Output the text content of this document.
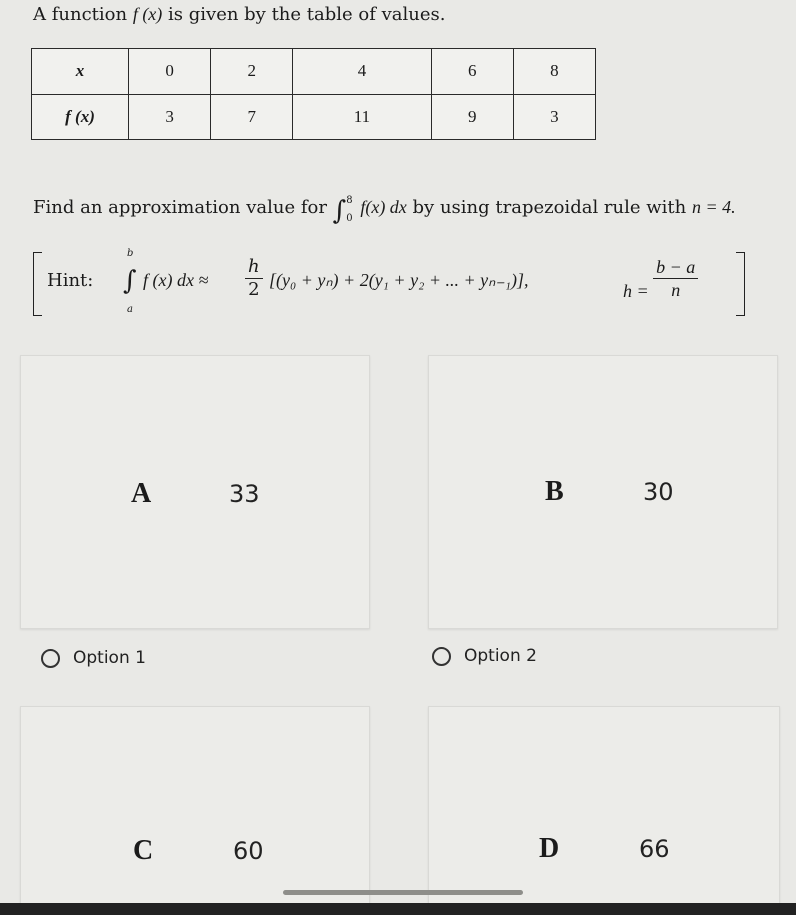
A function f (x) is given by the table of values.
x	0	2	4	6	8
f (x)	3	7	11	9	3
Find an approximation value for ∫ 8
0
f(x) dx by using trapezoidal rule with n = 4.
Hint: ∫
b
a
f (x) dx ≈ $\frac{h}{2} [(y_0 + y_n) + 2(y_1 + y_2$ + ... + yₙ₋₁)],
$h = \frac{b - a}{n}$
A	33	B	30
Option 1	Option 2
C	60	D	66
